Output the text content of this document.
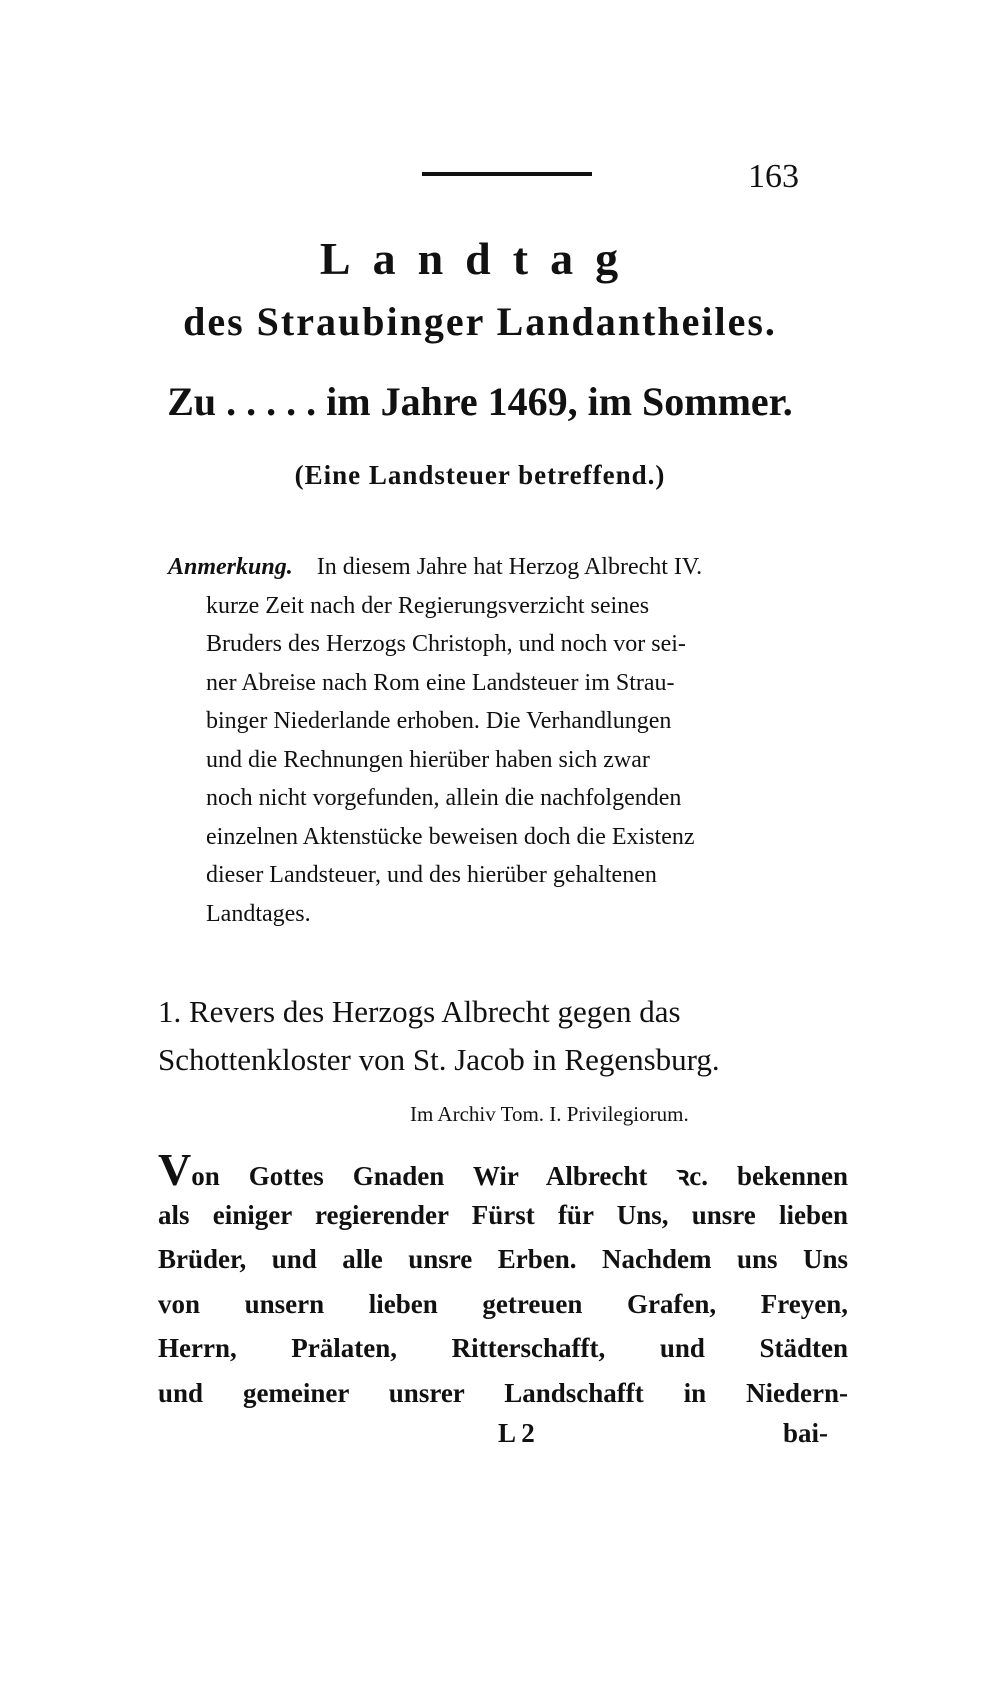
163
Landtag
des Straubinger Landantheiles.
Zu . . . . . im Jahre 1469, im Sommer.
(Eine Landsteuer betreffend.)
Anmerkung. In diesem Jahre hat Herzog Albrecht IV.
kurze Zeit nach der Regierungsverzicht seines
Bruders des Herzogs Christoph, und noch vor sei-
ner Abreise nach Rom eine Landsteuer im Strau-
binger Niederlande erhoben. Die Verhandlungen
und die Rechnungen hierüber haben sich zwar
noch nicht vorgefunden, allein die nachfolgenden
einzelnen Aktenstücke beweisen doch die Existenz
dieser Landsteuer, und des hierüber gehaltenen
Landtages.
1. Revers des Herzogs Albrecht gegen das
Schottenkloster von St. Jacob in Regensburg.
Im Archiv Tom. I. Privilegiorum.
Von Gottes Gnaden Wir Albrecht ꝛc. bekennen
als einiger regierender Fürst für Uns, unsre lieben
Brüder, und alle unsre Erben. Nachdem uns Uns
von unsern lieben getreuen Grafen, Freyen,
Herrn, Prälaten, Ritterschafft, und Städten
und gemeiner unsrer Landschafft in Niedern-
L 2	bai-
